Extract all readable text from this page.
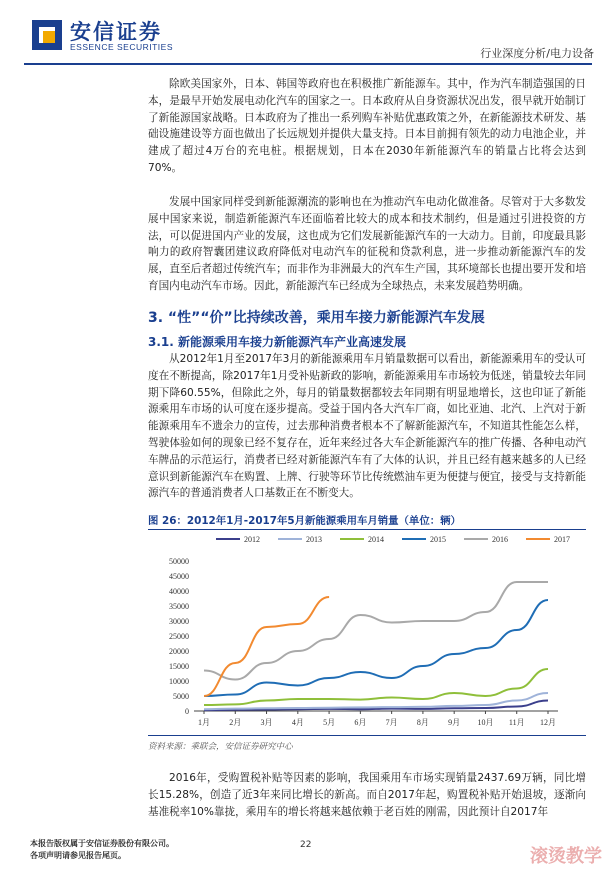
安信证券
ESSENCE SECURITIES	行业深度分析/电力设备

除欧美国家外，日本、韩国等政府也在积极推广新能源车。其中，作为汽车制造强国的日本，是最早开始发展电动化汽车的国家之一。日本政府从自身资源状况出发，很早就开始制订了新能源国家战略。日本政府为了推出一系列购车补贴优惠政策之外，在新能源技术研发、基础设施建设等方面也做出了长远规划并提供大量支持。日本目前拥有领先的动力电池企业，并建成了超过4万台的充电桩。根据规划，日本在2030年新能源汽车的销量占比将会达到70%。

发展中国家同样受到新能源潮流的影响也在为推动汽车电动化做准备。尽管对于大多数发展中国家来说，制造新能源汽车还面临着比较大的成本和技术制约，但是通过引进投资的方法，可以促进国内产业的发展，这也成为它们发展新能源汽车的一大动力。目前，印度最具影响力的政府智囊团建议政府降低对电动汽车的征税和贷款利息，进一步推动新能源汽车的发展，直至后者超过传统汽车；而非作为非洲最大的汽车生产国，其环境部长也提出要开发和培育国内电动汽车市场。因此，新能源汽车已经成为全球热点，未来发展趋势明确。

3. “性”“价”比持续改善，乘用车接力新能源汽车发展
3.1. 新能源乘用车接力新能源汽车产业高速发展

从2012年1月至2017年3月的新能源乘用车月销量数据可以看出，新能源乘用车的受认可度在不断提高，除2017年1月受补贴新政的影响，新能源乘用车市场较为低迷，销量较去年同期下降60.55%，但除此之外，每月的销量数据都较去年同期有明显地增长，这也印证了新能源乘用车市场的认可度在逐步提高。受益于国内各大汽车厂商，如比亚迪、北汽、上汽对于新能源乘用车不遗余力的宣传，过去那种消费者根本不了解新能源汽车，不知道其性能怎么样，驾驶体验如何的现象已经不复存在，近年来经过各大车企新能源汽车的推广传播、各种电动汽车牌品的示范运行，消费者已经对新能源汽车有了大体的认识，并且已经有越来越多的人已经意识到新能源汽车在购置、上牌、行驶等环节比传统燃油车更为便捷与便宜，接受与支持新能源汽车的普通消费者人口基数正在不断变大。

图 26：2012年1月-2017年5月新能源乘用车月销量（单位：辆）
2012	2013	2014	2015	2016	2017
0
5000
10000
15000
20000
25000
30000
35000
40000
45000
50000
1月 2月 3月 4月 5月 6月 7月 8月 9月 10月 11月 12月
资料来源：乘联会，安信证券研究中心

2016年，受购置税补贴等因素的影响，我国乘用车市场实现销量2437.69万辆，同比增长15.28%，创造了近3年来同比增长的新高。而自2017年起，购置税补贴开始退坡，逐渐向基准税率10%靠拢，乘用车的增长将越来越依赖于老百姓的刚需，因此预计自2017年

本报告版权属于安信证券股份有限公司。
各项声明请参见报告尾页。
22
滚烫教学
